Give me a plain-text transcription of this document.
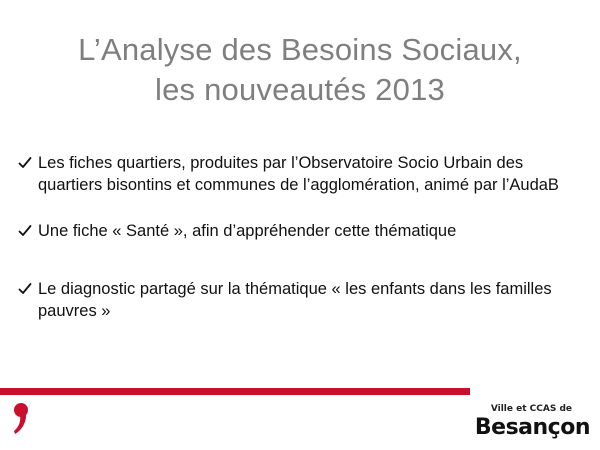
L’Analyse des Besoins Sociaux,
les nouveautés 2013
Les fiches quartiers, produites par l’Observatoire Socio Urbain des quartiers bisontins et communes de l’agglomération, animé par l’AudaB
Une fiche « Santé », afin d’appréhender cette thématique
Le diagnostic partagé sur la thématique « les enfants dans les familles pauvres »
Ville et CCAS de
Besançon
